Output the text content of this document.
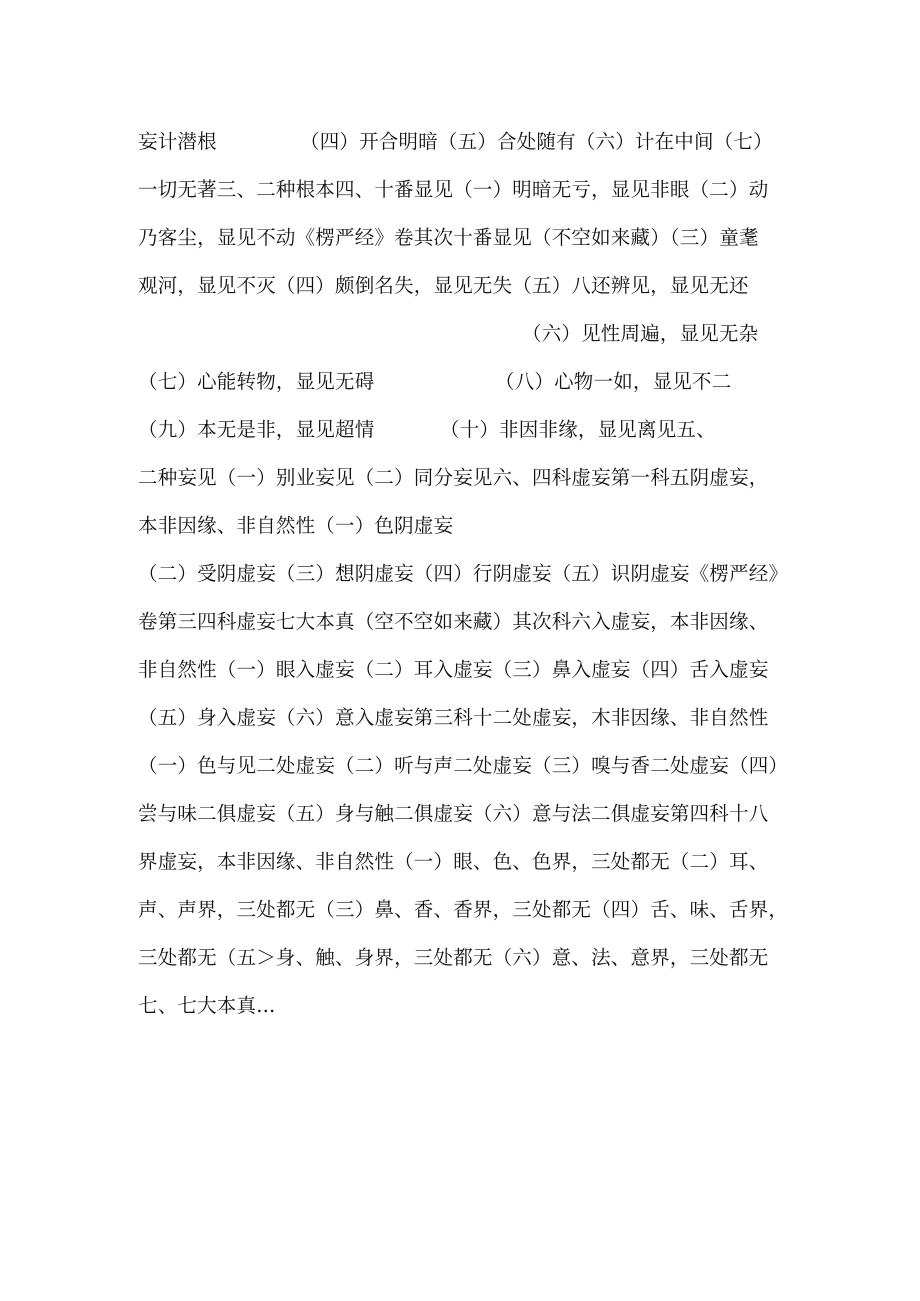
妄计潜根	（四）开合明暗（五）合处随有（六）计在中间（七）
一切无著三、二种根本四、十番显见（一）明暗无亏，显见非眼（二）动
乃客尘，显见不动《楞严经》卷其次十番显见（不空如来藏）（三）童耄
观河，显见不灭（四）颇倒名失，显见无失（五）八还辨见，显见无还
（六）见性周遍，显见无杂
（七）心能转物，显见无碍	（八）心物一如，显见不二
（九）本无是非，显见超情	（十）非因非缘，显见离见五、
二种妄见（一）别业妄见（二）同分妄见六、四科虚妄第一科五阴虚妄，
本非因缘、非自然性（一）色阴虚妄
（二）受阴虚妄（三）想阴虚妄（四）行阴虚妄（五）识阴虚妄《楞严经》
卷第三四科虚妄七大本真（空不空如来藏）其次科六入虚妄，本非因缘、
非自然性（一）眼入虚妄（二）耳入虚妄（三）鼻入虚妄（四）舌入虚妄
（五）身入虚妄（六）意入虚妄第三科十二处虚妄，木非因缘、非自然性
（一）色与见二处虚妄（二）听与声二处虚妄（三）嗅与香二处虚妄（四）
尝与味二俱虚妄（五）身与触二俱虚妄（六）意与法二俱虚妄第四科十八
界虚妄，本非因缘、非自然性（一）眼、色、色界，三处都无（二）耳、
声、声界，三处都无（三）鼻、香、香界，三处都无（四）舌、味、舌界，
三处都无（五＞身、触、身界，三处都无（六）意、法、意界，三处都无
七、七大本真...
